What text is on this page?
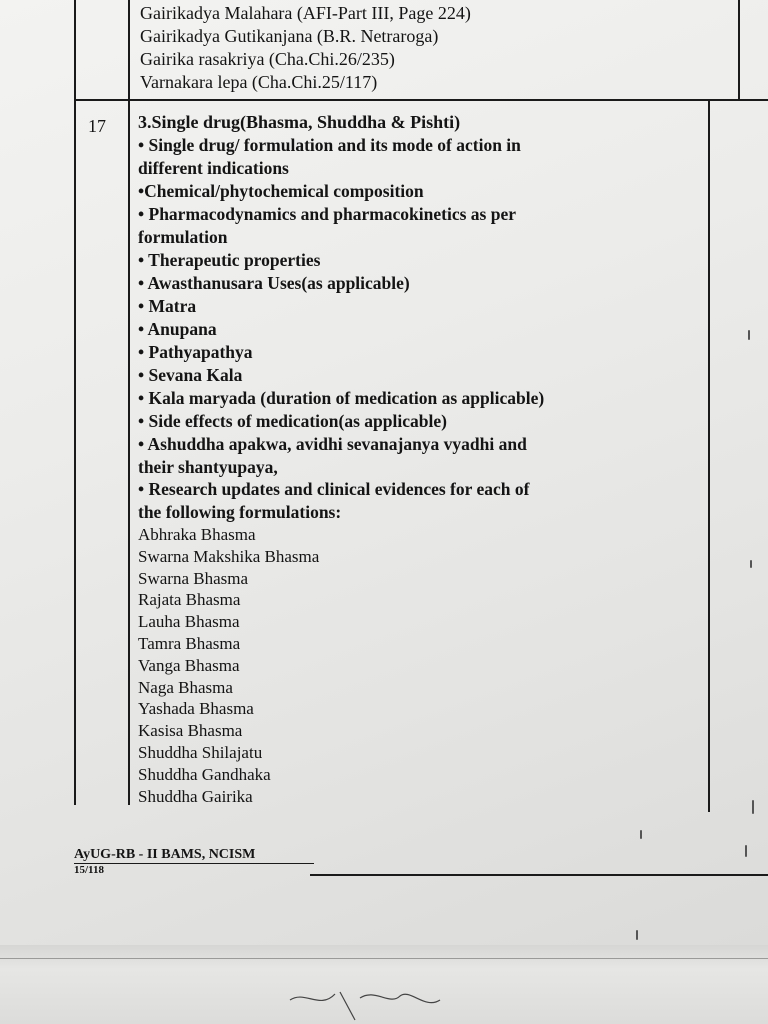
Gairikadya Malahara (AFI-Part III, Page 224)
Gairikadya Gutikanjana (B.R. Netraroga)
Gairika rasakriya (Cha.Chi.26/235)
Varnakara lepa (Cha.Chi.25/117)
17 3.Single drug(Bhasma, Shuddha & Pishti)
• Single drug/ formulation and its mode of action in
different indications
•Chemical/phytochemical composition
• Pharmacodynamics and pharmacokinetics as per
formulation
• Therapeutic properties
• Awasthanusara Uses(as applicable)
• Matra
• Anupana
• Pathyapathya
• Sevana Kala
• Kala maryada (duration of medication as applicable)
• Side effects of medication(as applicable)
• Ashuddha apakwa, avidhi sevanajanya vyadhi and
their shantyupaya,
• Research updates and clinical evidences for each of
the following formulations:
Abhraka Bhasma
Swarna Makshika Bhasma
Swarna Bhasma
Rajata Bhasma
Lauha Bhasma
Tamra Bhasma
Vanga Bhasma
Naga Bhasma
Yashada Bhasma
Kasisa Bhasma
Shuddha Shilajatu
Shuddha Gandhaka
Shuddha Gairika
AyUG-RB - II BAMS, NCISM
15/118
